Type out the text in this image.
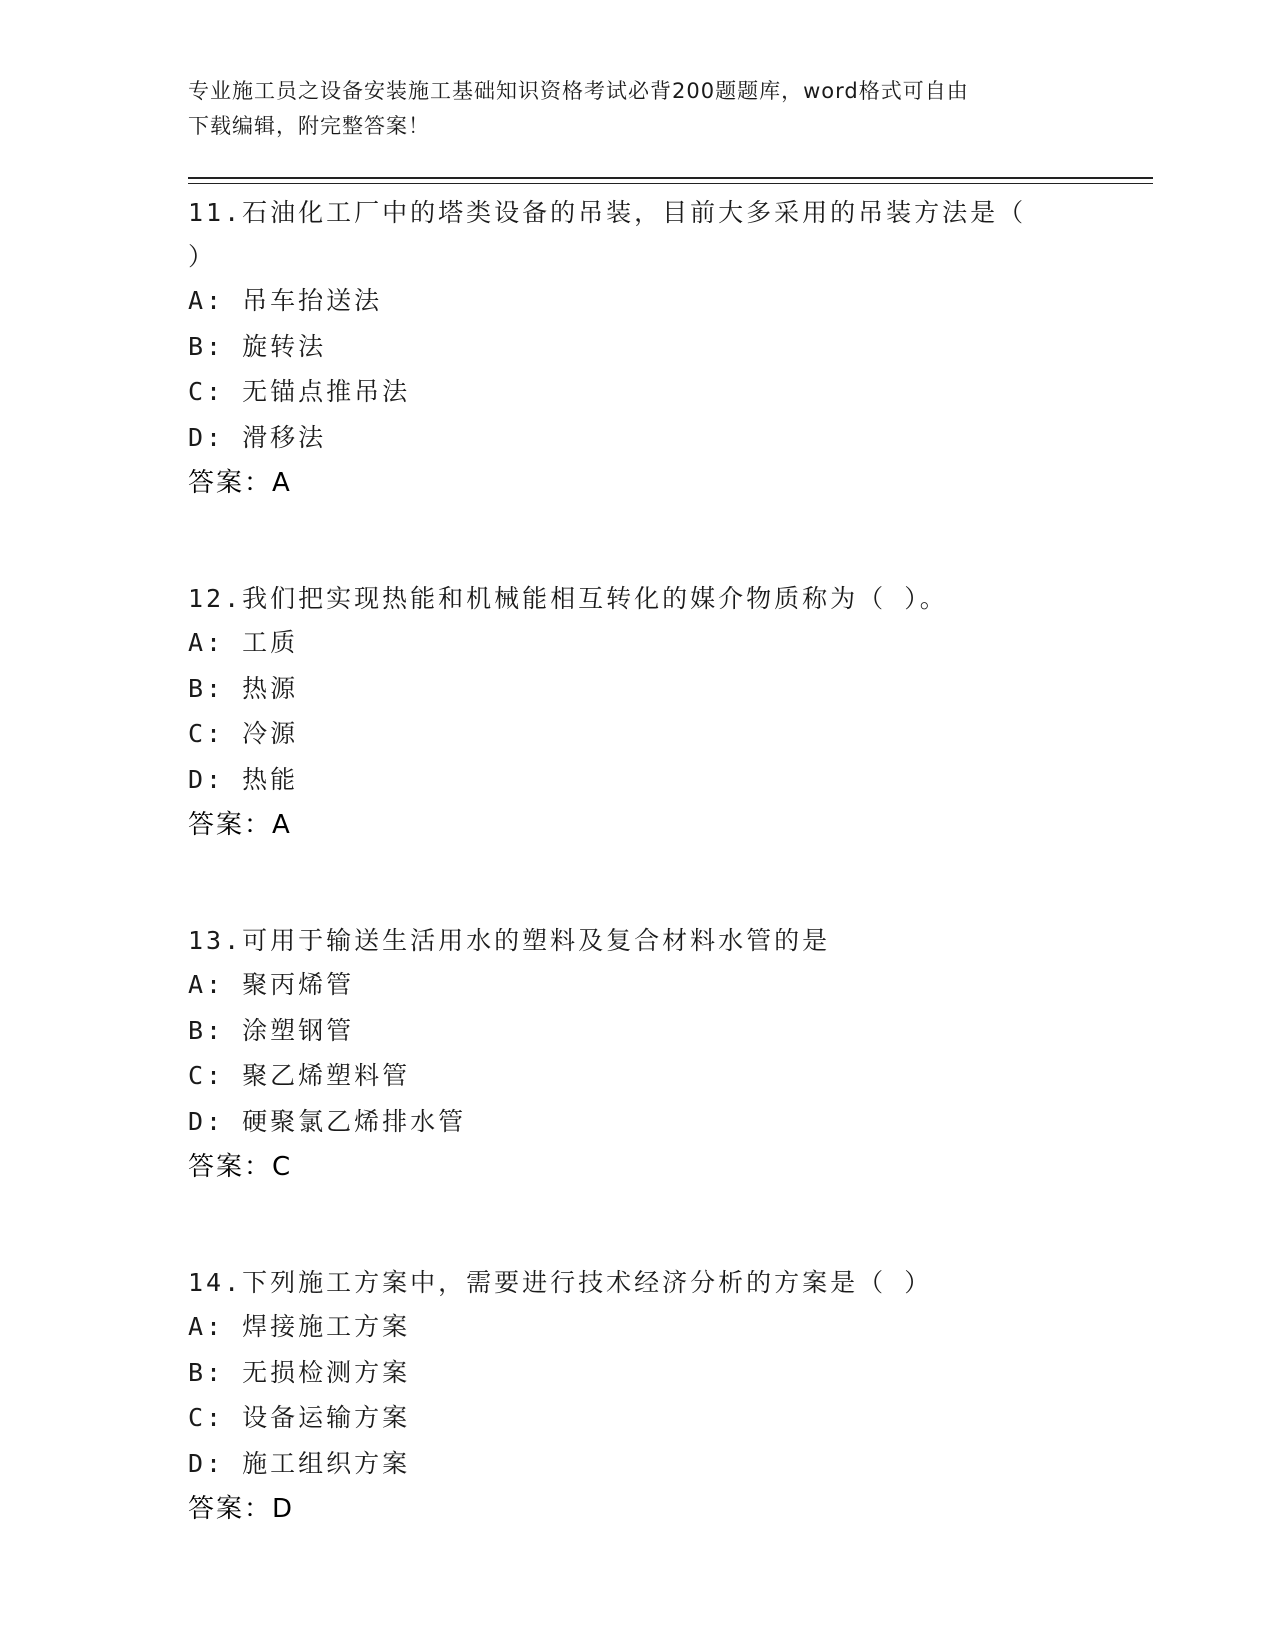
专业施工员之设备安装施工基础知识资格考试必背200题题库，word格式可自由
下载编辑，附完整答案！
11.石油化工厂中的塔类设备的吊装，目前大多采用的吊装方法是（
）
A: 吊车抬送法
B: 旋转法
C: 无锚点推吊法
D: 滑移法
答案：A
12.我们把实现热能和机械能相互转化的媒介物质称为（ ）。
A: 工质
B: 热源
C: 冷源
D: 热能
答案：A
13.可用于输送生活用水的塑料及复合材料水管的是
A: 聚丙烯管
B: 涂塑钢管
C: 聚乙烯塑料管
D: 硬聚氯乙烯排水管
答案：C
14.下列施工方案中，需要进行技术经济分析的方案是（ ）
A: 焊接施工方案
B: 无损检测方案
C: 设备运输方案
D: 施工组织方案
答案：D
